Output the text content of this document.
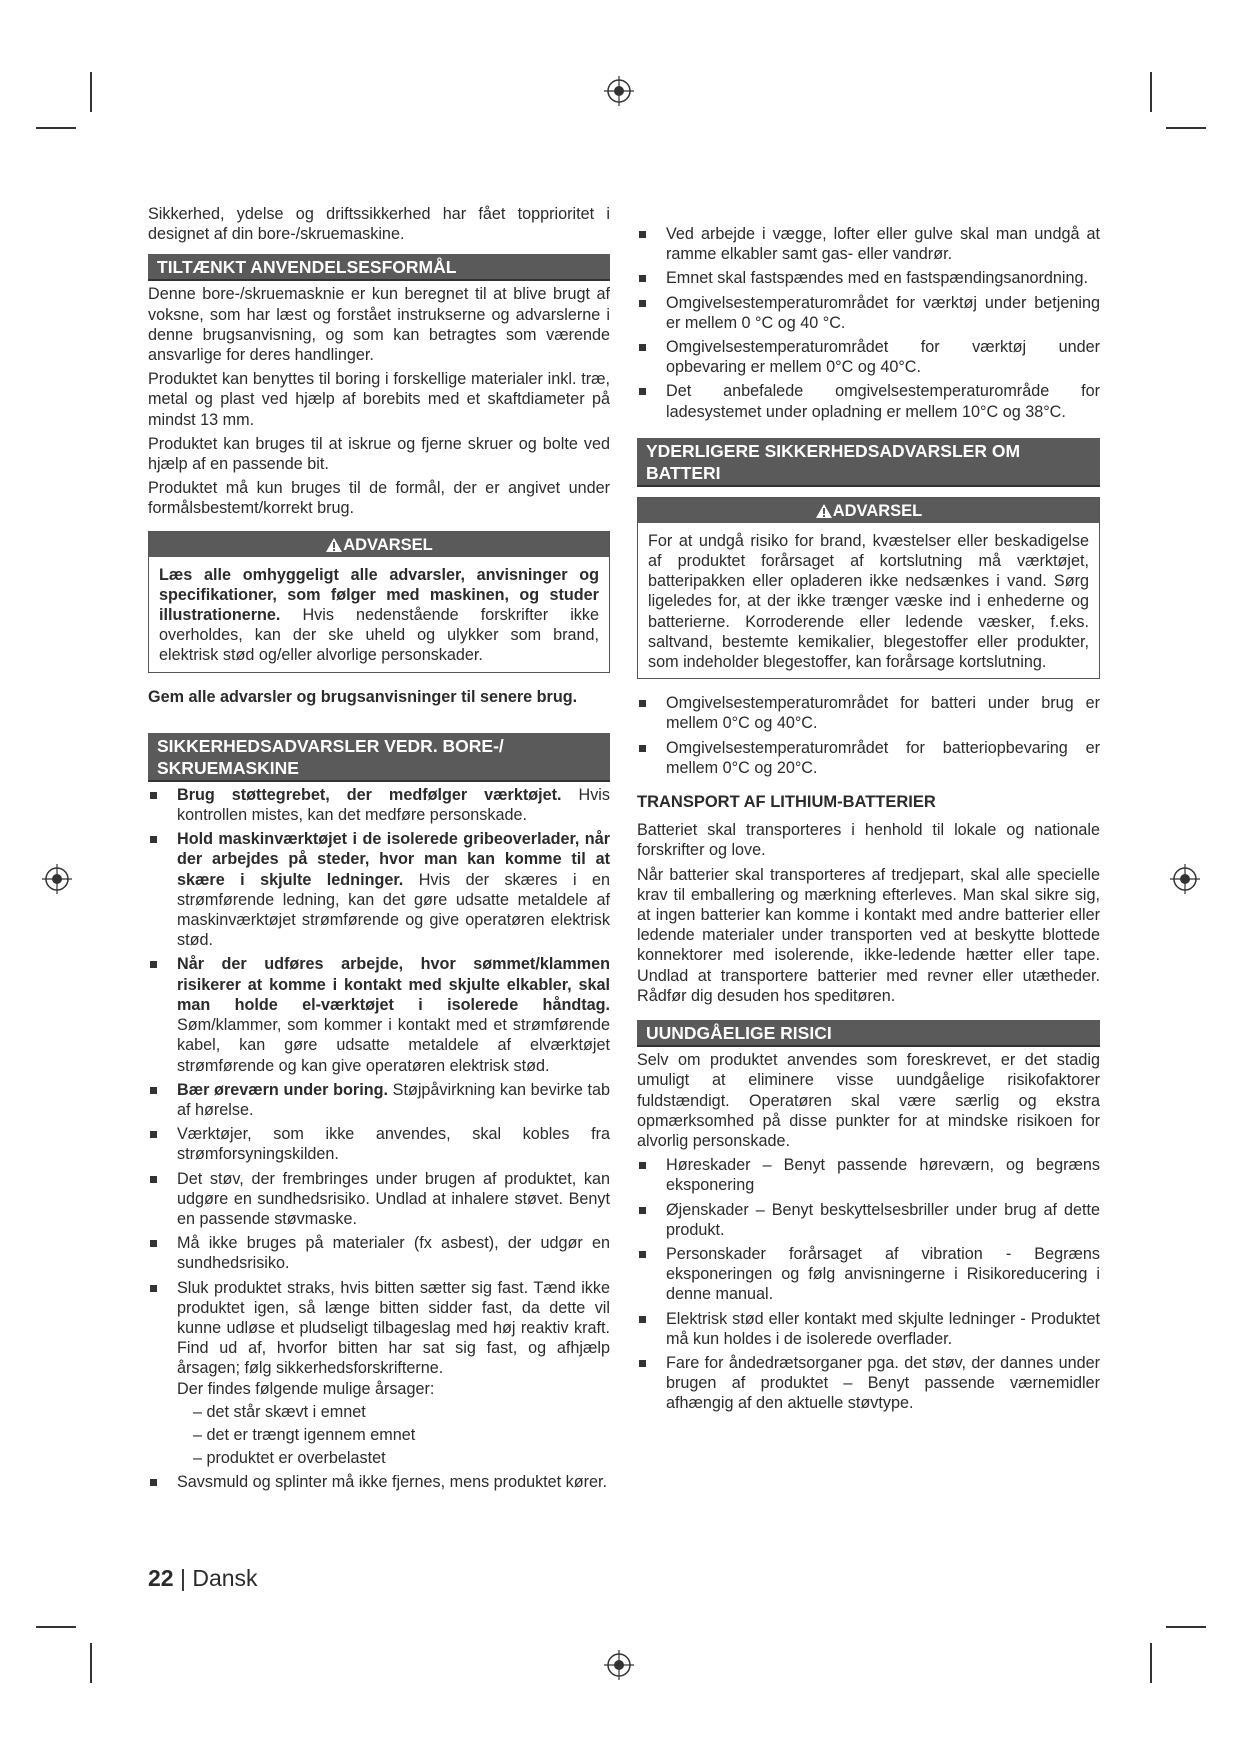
Sikkerhed, ydelse og driftssikkerhed har fået topprioritet i designet af din bore-/skruemaskine.

TILTÆNKT ANVENDELSESFORMÅL

Denne bore-/skruemasknie er kun beregnet til at blive brugt af voksne, som har læst og forstået instrukserne og advarslerne i denne brugsanvisning, og som kan betragtes som værende ansvarlige for deres handlinger.

Produktet kan benyttes til boring i forskellige materialer inkl. træ, metal og plast ved hjælp af borebits med et skaftdiameter på mindst 13 mm.

Produktet kan bruges til at iskrue og fjerne skruer og bolte ved hjælp af en passende bit.

Produktet må kun bruges til de formål, der er angivet under formålsbestemt/korrekt brug.

ADVARSEL
Læs alle omhyggeligt alle advarsler, anvisninger og specifikationer, som følger med maskinen, og studer illustrationerne. Hvis nedenstående forskrifter ikke overholdes, kan der ske uheld og ulykker som brand, elektrisk stød og/eller alvorlige personskader.

Gem alle advarsler og brugsanvisninger til senere brug.

SIKKERHEDSADVARSLER VEDR. BORE-/ SKRUEMASKINE
Brug støttegrebet, der medfølger værktøjet. Hvis kontrollen mistes, kan det medføre personskade.
Hold maskinværktøjet i de isolerede gribeoverlader, når der arbejdes på steder, hvor man kan komme til at skære i skjulte ledninger. Hvis der skæres i en strømførende ledning, kan det gøre udsatte metaldele af maskinværktøjet strømførende og give operatøren elektrisk stød.
Når der udføres arbejde, hvor sømmet/klammen risikerer at komme i kontakt med skjulte elkabler, skal man holde el-værktøjet i isolerede håndtag. Søm/klammer, som kommer i kontakt med et strømførende kabel, kan gøre udsatte metaldele af elværktøjet strømførende og kan give operatøren elektrisk stød.
Bær øreværn under boring. Støjpåvirkning kan bevirke tab af hørelse.
Værktøjer, som ikke anvendes, skal kobles fra strømforsyningskilden.
Det støv, der frembringes under brugen af produktet, kan udgøre en sundhedsrisiko. Undlad at inhalere støvet. Benyt en passende støvmaske.
Må ikke bruges på materialer (fx asbest), der udgør en sundhedsrisiko.
Sluk produktet straks, hvis bitten sætter sig fast. Tænd ikke produktet igen, så længe bitten sidder fast, da dette vil kunne udløse et pludseligt tilbageslag med høj reaktiv kraft. Find ud af, hvorfor bitten har sat sig fast, og afhjælp årsagen; følg sikkerhedsforskrifterne.
Der findes følgende mulige årsager:
– det står skævt i emnet
– det er trængt igennem emnet
– produktet er overbelastet
Savsmuld og splinter må ikke fjernes, mens produktet kører.
Ved arbejde i vægge, lofter eller gulve skal man undgå at ramme elkabler samt gas- eller vandrør.
Emnet skal fastspændes med en fastspændingsanordning.
Omgivelsestemperaturområdet for værktøj under betjening er mellem 0 °C og 40 °C.
Omgivelsestemperaturområdet for værktøj under opbevaring er mellem 0°C og 40°C.
Det anbefalede omgivelsestemperaturområde for ladesystemet under opladning er mellem 10°C og 38°C.
YDERLIGERE SIKKERHEDSADVARSLER OM BATTERI
ADVARSEL
For at undgå risiko for brand, kvæstelser eller beskadigelse af produktet forårsaget af kortslutning må værktøjet, batteripakken eller opladeren ikke nedsænkes i vand. Sørg ligeledes for, at der ikke trænger væske ind i enhederne og batterierne. Korroderende eller ledende væsker, f.eks. saltvand, bestemte kemikalier, blegestoffer eller produkter, som indeholder blegestoffer, kan forårsage kortslutning.
Omgivelsestemperaturområdet for batteri under brug er mellem 0°C og 40°C.
Omgivelsestemperaturområdet for batteriopbevaring er mellem 0°C og 20°C.
TRANSPORT AF LITHIUM-BATTERIER

Batteriet skal transporteres i henhold til lokale og nationale forskrifter og love.

Når batterier skal transporteres af tredjepart, skal alle specielle krav til emballering og mærkning efterleves. Man skal sikre sig, at ingen batterier kan komme i kontakt med andre batterier eller ledende materialer under transporten ved at beskytte blottede konnektorer med isolerende, ikke-ledende hætter eller tape. Undlad at transportere batterier med revner eller utætheder. Rådfør dig desuden hos speditøren.

UUNDGÅELIGE RISICI

Selv om produktet anvendes som foreskrevet, er det stadig umuligt at eliminere visse uundgåelige risikofaktorer fuldstændigt. Operatøren skal være særlig og ekstra opmærksomhed på disse punkter for at mindske risikoen for alvorlig personskade.

Høreskader – Benyt passende høreværn, og begræns eksponering
Øjenskader – Benyt beskyttelsesbriller under brug af dette produkt.
Personskader forårsaget af vibration - Begræns eksponeringen og følg anvisningerne i Risikoreducering i denne manual.
Elektrisk stød eller kontakt med skjulte ledninger - Produktet må kun holdes i de isolerede overflader.
Fare for åndedrætsorganer pga. det støv, der dannes under brugen af produktet – Benyt passende værnemidler afhængig af den aktuelle støvtype.
22 | Dansk
